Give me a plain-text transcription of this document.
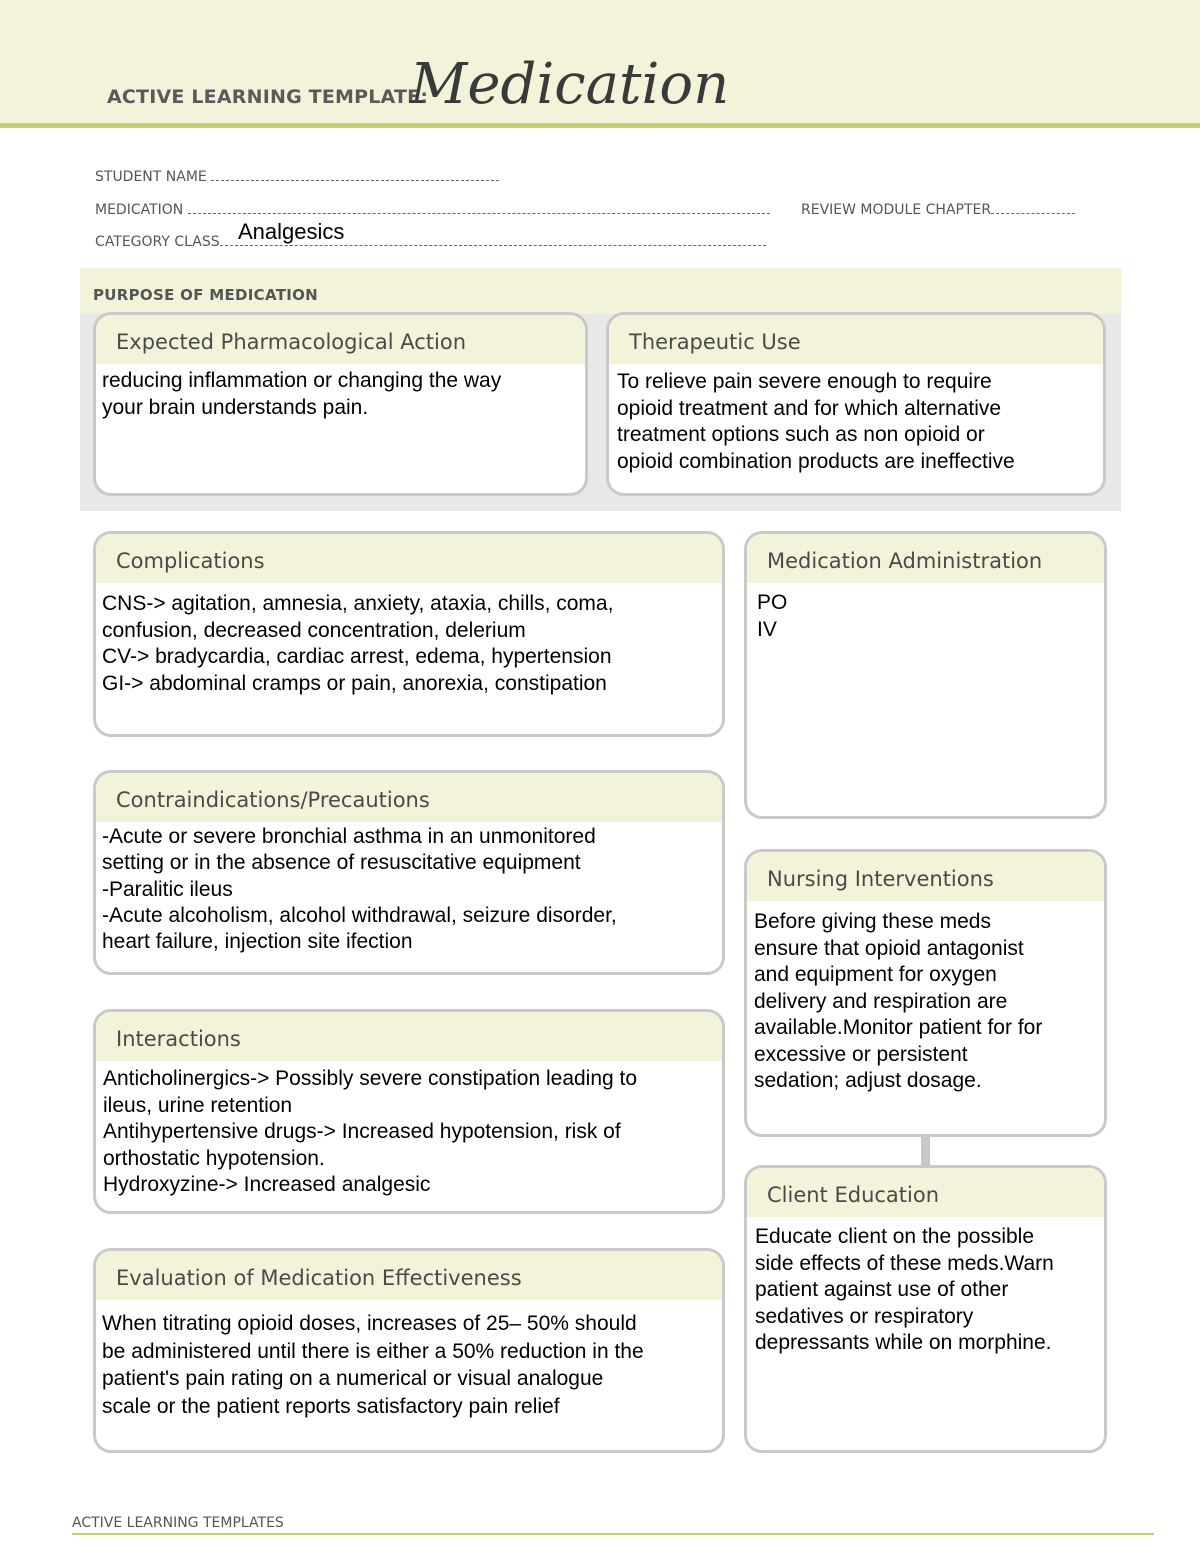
ACTIVE LEARNING TEMPLATE:
Medication
STUDENT NAME
MEDICATION	REVIEW MODULE CHAPTER
CATEGORY CLASS Analgesics
PURPOSE OF MEDICATION
Expected Pharmacological Action

reducing inflammation or changing the way

your brain understands pain.

Therapeutic Use

To relieve pain severe enough to require

opioid treatment and for which alternative

treatment options such as non opioid or

opioid combination products are ineffective

Complications

CNS-> agitation, amnesia, anxiety, ataxia, chills, coma,

confusion, decreased concentration, delerium

CV-> bradycardia, cardiac arrest, edema, hypertension

GI-> abdominal cramps or pain, anorexia, constipation

Contraindications/Precautions

-Acute or severe bronchial asthma in an unmonitored

setting or in the absence of resuscitative equipment

-Paralitic ileus

-Acute alcoholism, alcohol withdrawal, seizure disorder,

heart failure, injection site ifection

Interactions

Anticholinergics-> Possibly severe constipation leading to

ileus, urine retention

Antihypertensive drugs-> Increased hypotension, risk of

orthostatic hypotension.

Hydroxyzine-> Increased analgesic

Evaluation of Medication Effectiveness

When titrating opioid doses, increases of 25– 50% should

be administered until there is either a 50% reduction in the

patient's pain rating on a numerical or visual analogue

scale or the patient reports satisfactory pain relief

Medication Administration

PO

IV

Nursing Interventions

Before giving these meds

ensure that opioid antagonist

and equipment for oxygen

delivery and respiration are

available.Monitor patient for for

excessive or persistent

sedation; adjust dosage.

Client Education

Educate client on the possible

side effects of these meds.Warn

patient against use of other

sedatives or respiratory

depressants while on morphine.

ACTIVE LEARNING TEMPLATES
